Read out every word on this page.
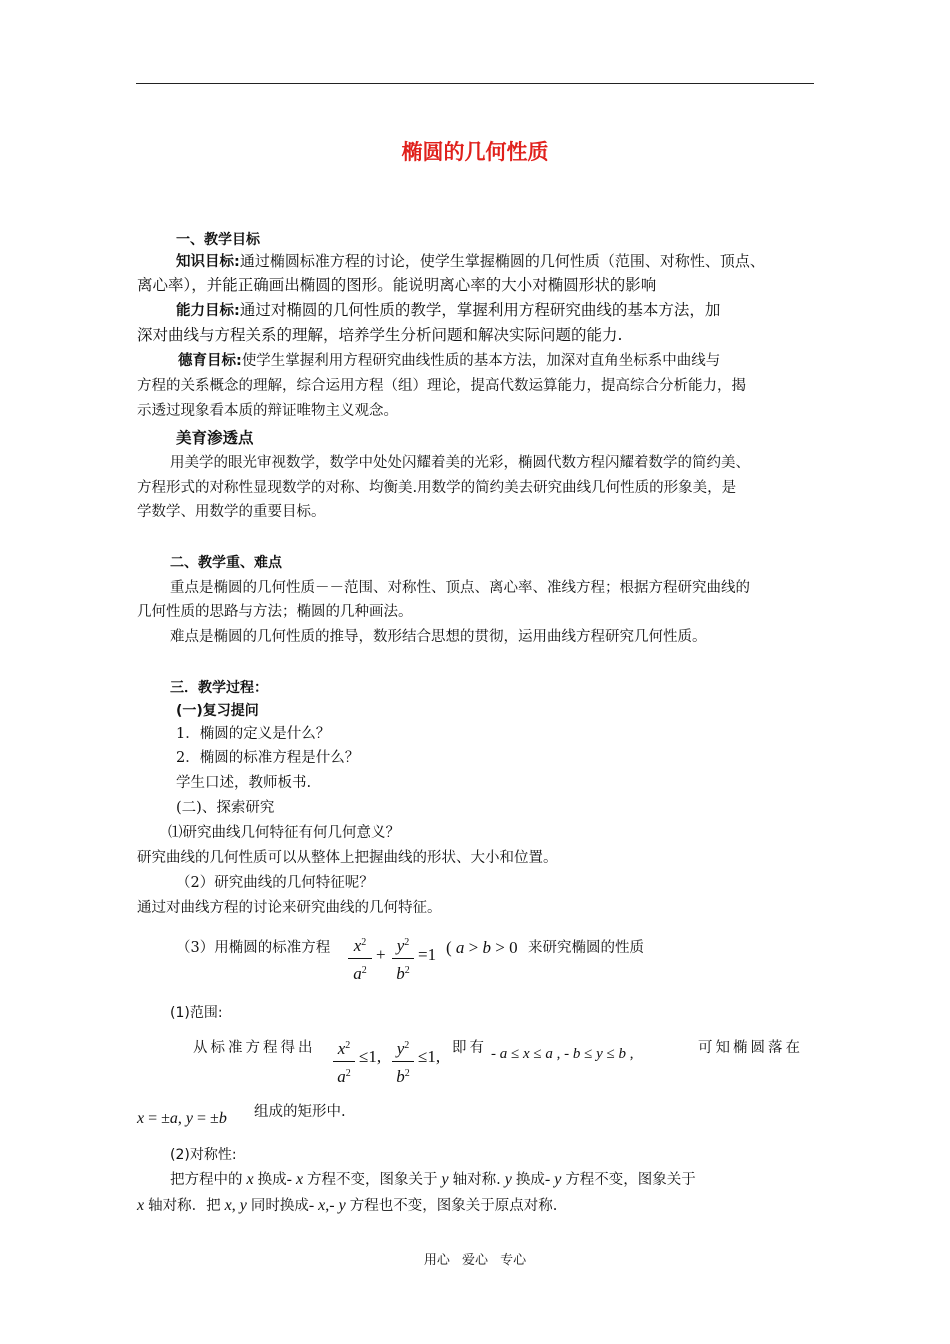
椭圆的几何性质
一、教学目标
知识目标:通过椭圆标准方程的讨论，使学生掌握椭圆的几何性质（范围、对称性、顶点、
离心率），并能正确画出椭圆的图形。能说明离心率的大小对椭圆形状的影响
能力目标:通过对椭圆的几何性质的教学，掌握利用方程研究曲线的基本方法，加
深对曲线与方程关系的理解，培养学生分析问题和解决实际问题的能力.
德育目标:使学生掌握利用方程研究曲线性质的基本方法，加深对直角坐标系中曲线与
方程的关系概念的理解，综合运用方程（组）理论，提高代数运算能力，提高综合分析能力，揭
示透过现象看本质的辩证唯物主义观念。
美育渗透点
用美学的眼光审视数学，数学中处处闪耀着美的光彩，椭圆代数方程闪耀着数学的简约美、
方程形式的对称性显现数学的对称、均衡美.用数学的简约美去研究曲线几何性质的形象美，是
学数学、用数学的重要目标。
二、教学重、难点
重点是椭圆的几何性质－－范围、对称性、顶点、离心率、准线方程；根据方程研究曲线的
几何性质的思路与方法；椭圆的几种画法。
难点是椭圆的几何性质的推导，数形结合思想的贯彻，运用曲线方程研究几何性质。
三．教学过程：
(一)复习提问
1．椭圆的定义是什么？
2．椭圆的标准方程是什么？
学生口述，教师板书.
(二)、探索研究
⑴研究曲线几何特征有何几何意义？
研究曲线的几何性质可以从整体上把握曲线的形状、大小和位置。
（2）研究曲线的几何特征呢？
通过对曲线方程的讨论来研究曲线的几何特征。
（3）用椭圆的标准方程	$x^2$
$a^2$
+ $y^2$
$b^2$
=1 ( a > b > 0 来研究椭圆的性质
(1)范围:
从标准方程得出 $x^2$
$a^2$
≤1, $y^2$
$b^2$
≤1, 即有 - a ≤ x ≤ a , - b ≤ y ≤ b ,	可知椭圆落在
x = ±a, y = ±b 组成的矩形中.
(2)对称性:
把方程中的 x 换成- x 方程不变，图象关于 y 轴对称. y 换成- y 方程不变，图象关于
x 轴对称．把 x, y 同时换成- x,- y 方程也不变，图象关于原点对称.
用心 爱心 专心
